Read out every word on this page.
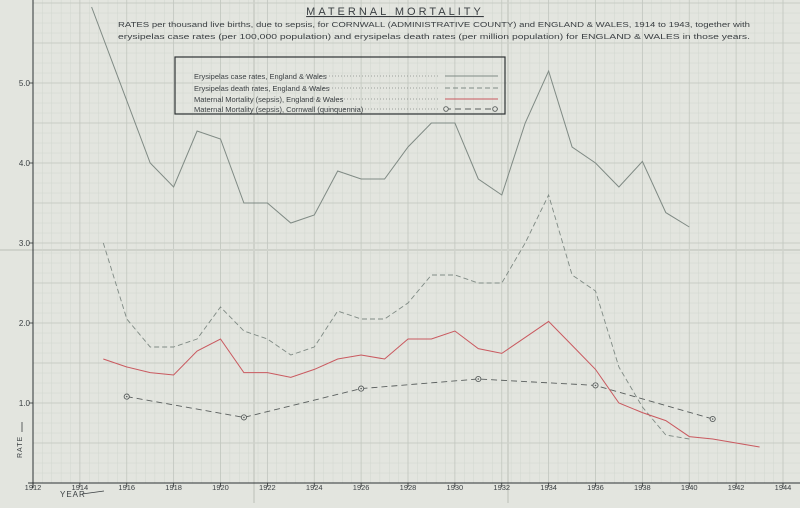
1.0
2.0
3.0
4.0
5.0
1912	1914	1916	1918	1920	1922	1924	1926	1928	1930	1932	1934	1936	1938	1940	1942	1944
MATERNAL MORTALITY
RATES per thousand live births, due to sepsis, for CORNWALL (ADMINISTRATIVE COUNTY) and ENGLAND & WALES, 1914 to 1943, together with
erysipelas case rates (per 100,000 population) and erysipelas death rates (per million population) for ENGLAND & WALES in those years.
Erysipelas case rates, England & Wales
Erysipelas death rates, England & Wales
Maternal Mortality (sepsis), England & Wales
Maternal Mortality (sepsis), Cornwall (quinquennia)
YEAR
RATE
